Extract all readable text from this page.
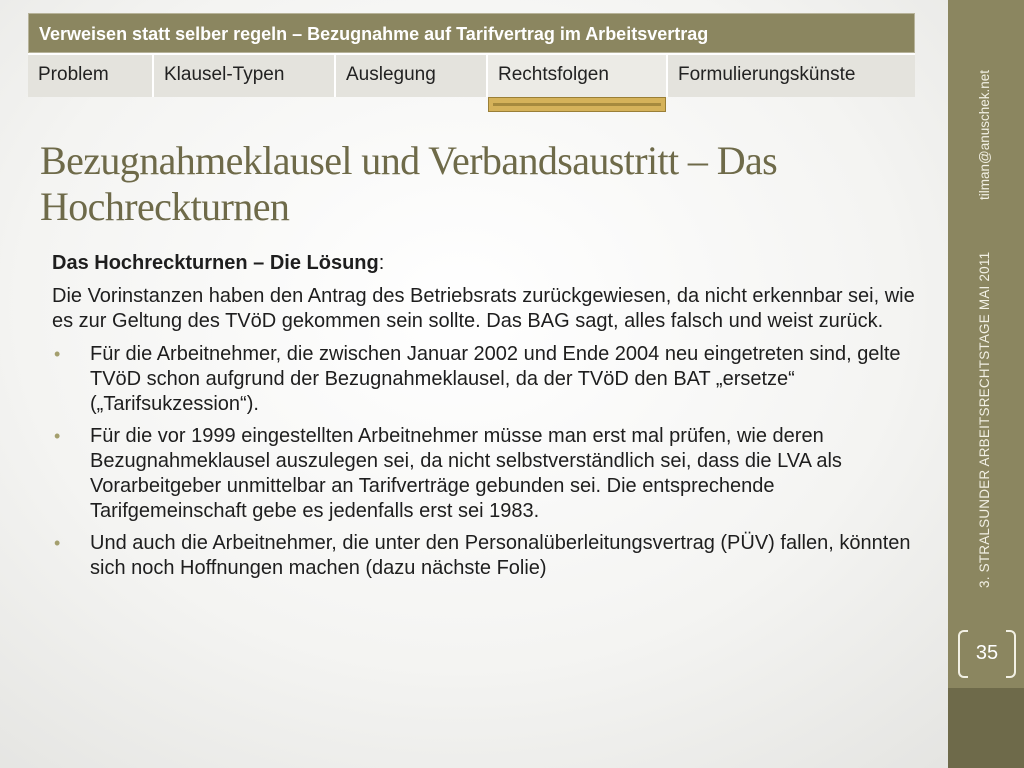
Verweisen statt selber regeln – Bezugnahme auf Tarifvertrag im Arbeitsvertrag
Problem	Klausel-Typen	Auslegung	Rechtsfolgen	Formulierungskünste
Bezugnahmeklausel und Verbandsaustritt – Das Hochreckturnen

Das Hochreckturnen – Die Lösung:

Die Vorinstanzen haben den Antrag des Betriebsrats zurückgewiesen, da nicht erkennbar sei, wie es zur Geltung des TVöD gekommen sein sollte. Das BAG sagt, alles falsch und weist zurück.

• Für die Arbeitnehmer, die zwischen Januar 2002 und Ende 2004 neu eingetreten sind, gelte TVöD schon aufgrund der Bezugnahmeklausel, da der TVöD den BAT „ersetze“ („Tarifsukzession“).
• Für die vor 1999 eingestellten Arbeitnehmer müsse man erst mal prüfen, wie deren Bezugnahmeklausel auszulegen sei, da nicht selbstverständlich sei, dass die LVA als Vorarbeitgeber unmittelbar an Tarifverträge gebunden sei. Die entsprechende Tarifgemeinschaft gebe es jedenfalls erst sei 1983.
• Und auch die Arbeitnehmer, die unter den Personalüberleitungsvertrag (PÜV) fallen, könnten sich noch Hoffnungen machen (dazu nächste Folie)
tilman@anuschek.net
3. STRALSUNDER ARBEITSRECHTSTAGE MAI 2011
35
